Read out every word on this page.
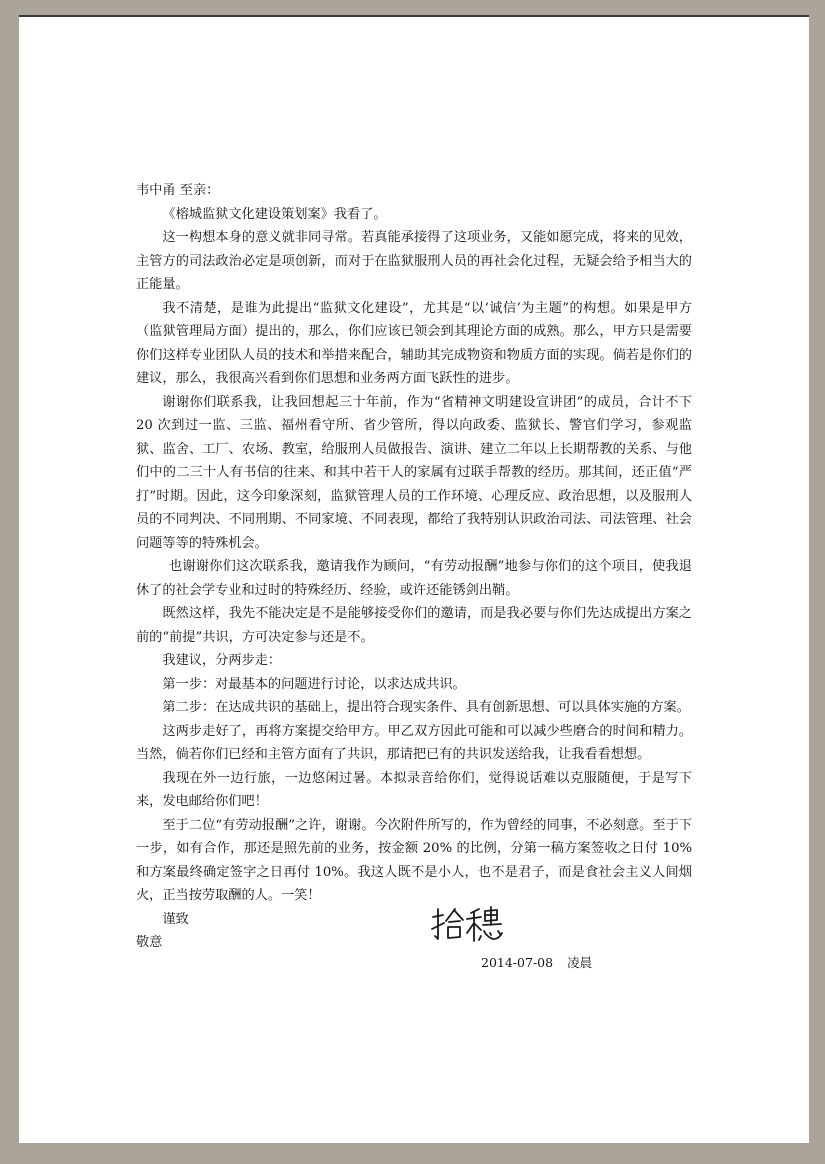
韦中甬 至亲：

《榕城监狱文化建设策划案》我看了。

这一构想本身的意义就非同寻常。若真能承接得了这项业务，又能如愿完成，将来的见效，主管方的司法政治必定是项创新，而对于在监狱服刑人员的再社会化过程，无疑会给予相当大的正能量。

我不清楚，是谁为此提出“监狱文化建设”，尤其是“以‘诚信’为主题”的构想。如果是甲方（监狱管理局方面）提出的，那么，你们应该已领会到其理论方面的成熟。那么，甲方只是需要你们这样专业团队人员的技术和举措来配合，辅助其完成物资和物质方面的实现。倘若是你们的建议，那么，我很高兴看到你们思想和业务两方面飞跃性的进步。

谢谢你们联系我，让我回想起三十年前，作为“省精神文明建设宣讲团”的成员，合计不下 20 次到过一监、三监、福州看守所、省少管所，得以向政委、监狱长、警官们学习，参观监狱、监舍、工厂、农场、教室，给服刑人员做报告、演讲、建立二年以上长期帮教的关系、与他们中的二三十人有书信的往来、和其中若干人的家属有过联手帮教的经历。那其间，还正值“严打”时期。因此，这今印象深刻，监狱管理人员的工作环境、心理反应、政治思想，以及服刑人员的不同判决、不同刑期、不同家境、不同表现，都给了我特别认识政治司法、司法管理、社会问题等等的特殊机会。

也谢谢你们这次联系我，邀请我作为顾问，“有劳动报酬”地参与你们的这个项目，使我退休了的社会学专业和过时的特殊经历、经验，或许还能锈剑出鞘。

既然这样，我先不能决定是不是能够接受你们的邀请，而是我必要与你们先达成提出方案之前的“前提”共识，方可决定参与还是不。

我建议，分两步走：

第一步：对最基本的问题进行讨论，以求达成共识。

第二步：在达成共识的基础上，提出符合现实条件、具有创新思想、可以具体实施的方案。

这两步走好了，再将方案提交给甲方。甲乙双方因此可能和可以减少些磨合的时间和精力。当然，倘若你们已经和主管方面有了共识，那请把已有的共识发送给我，让我看看想想。

我现在外一边行旅，一边悠闲过暑。本拟录音给你们，觉得说话难以克服随便，于是写下来，发电邮给你们吧！

至于二位“有劳动报酬”之许，谢谢。今次附件所写的，作为曾经的同事，不必刻意。至于下一步，如有合作，那还是照先前的业务，按金额 20% 的比例，分第一稿方案签收之日付 10%和方案最终确定签字之日再付 10%。我这人既不是小人，也不是君子，而是食社会主义人间烟火，正当按劳取酬的人。一笑！

谨致

敬意

2014-07-08 凌晨
